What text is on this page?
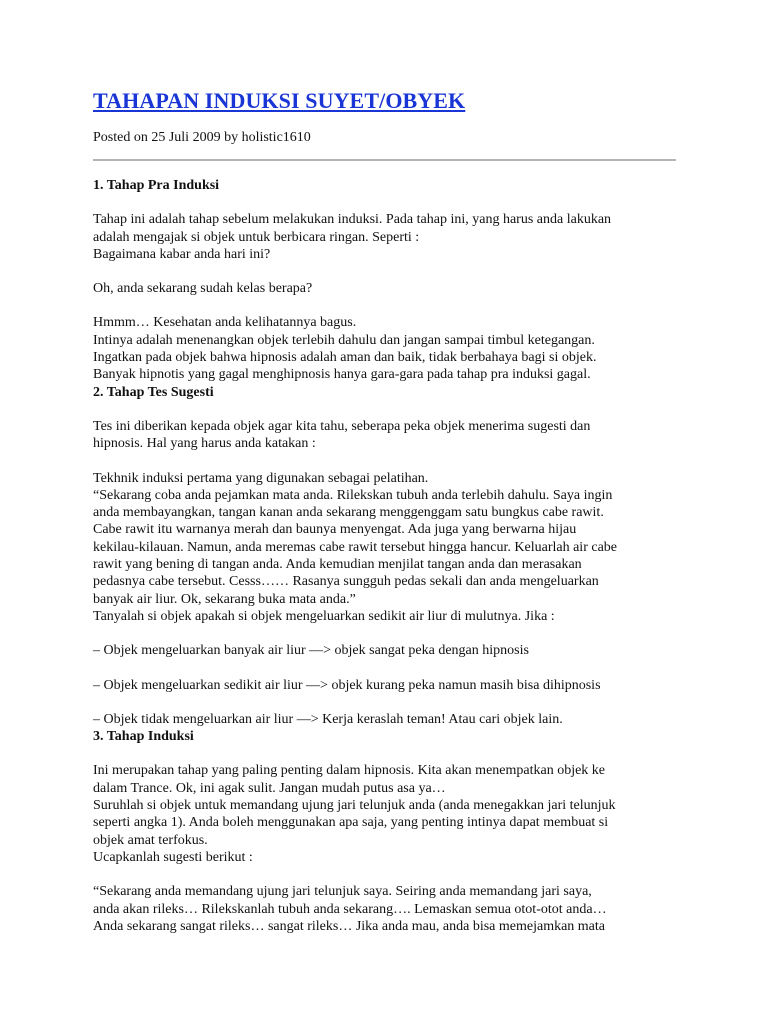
TAHAPAN INDUKSI SUYET/OBYEK
Posted on 25 Juli 2009 by holistic1610

1. Tahap Pra Induksi

Tahap ini adalah tahap sebelum melakukan induksi. Pada tahap ini, yang harus anda lakukan

adalah mengajak si objek untuk berbicara ringan. Seperti :

Bagaimana kabar anda hari ini?

Oh, anda sekarang sudah kelas berapa?

Hmmm… Kesehatan anda kelihatannya bagus.

Intinya adalah menenangkan objek terlebih dahulu dan jangan sampai timbul ketegangan.

Ingatkan pada objek bahwa hipnosis adalah aman dan baik, tidak berbahaya bagi si objek.

Banyak hipnotis yang gagal menghipnosis hanya gara-gara pada tahap pra induksi gagal.

2. Tahap Tes Sugesti

Tes ini diberikan kepada objek agar kita tahu, seberapa peka objek menerima sugesti dan

hipnosis. Hal yang harus anda katakan :

Tekhnik induksi pertama yang digunakan sebagai pelatihan.

“Sekarang coba anda pejamkan mata anda. Rilekskan tubuh anda terlebih dahulu. Saya ingin

anda membayangkan, tangan kanan anda sekarang menggenggam satu bungkus cabe rawit.

Cabe rawit itu warnanya merah dan baunya menyengat. Ada juga yang berwarna hijau

kekilau-kilauan. Namun, anda meremas cabe rawit tersebut hingga hancur. Keluarlah air cabe

rawit yang bening di tangan anda. Anda kemudian menjilat tangan anda dan merasakan

pedasnya cabe tersebut. Cesss…… Rasanya sungguh pedas sekali dan anda mengeluarkan

banyak air liur. Ok, sekarang buka mata anda.”

Tanyalah si objek apakah si objek mengeluarkan sedikit air liur di mulutnya. Jika :

– Objek mengeluarkan banyak air liur —> objek sangat peka dengan hipnosis

– Objek mengeluarkan sedikit air liur —> objek kurang peka namun masih bisa dihipnosis

– Objek tidak mengeluarkan air liur —> Kerja keraslah teman! Atau cari objek lain.

3. Tahap Induksi

Ini merupakan tahap yang paling penting dalam hipnosis. Kita akan menempatkan objek ke

dalam Trance. Ok, ini agak sulit. Jangan mudah putus asa ya…

Suruhlah si objek untuk memandang ujung jari telunjuk anda (anda menegakkan jari telunjuk

seperti angka 1). Anda boleh menggunakan apa saja, yang penting intinya dapat membuat si

objek amat terfokus.

Ucapkanlah sugesti berikut :

“Sekarang anda memandang ujung jari telunjuk saya. Seiring anda memandang jari saya,

anda akan rileks… Rilekskanlah tubuh anda sekarang…. Lemaskan semua otot-otot anda…

Anda sekarang sangat rileks… sangat rileks… Jika anda mau, anda bisa memejamkan mata
